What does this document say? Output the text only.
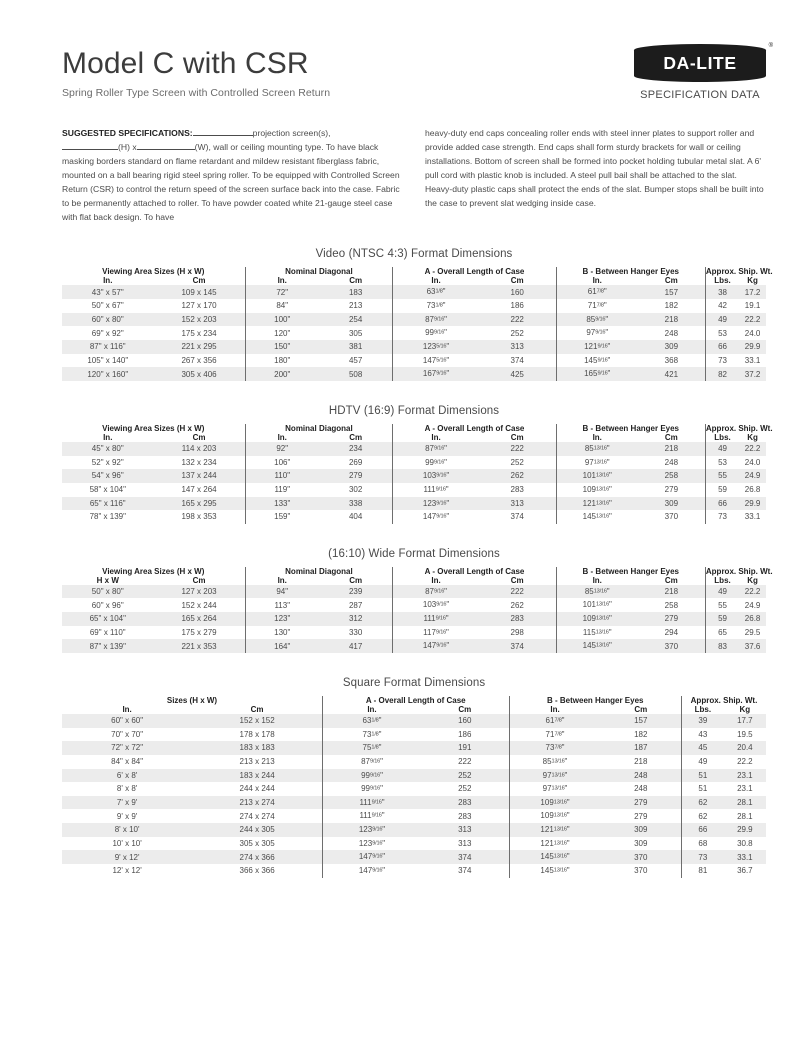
Model C with CSR
Spring Roller Type Screen with Controlled Screen Return
DA-LITE
®
SPECIFICATION DATA
SUGGESTED SPECIFICATIONS:	projection screen(s),
(H) x	(W), wall or ceiling mounting type. To have black masking borders standard on flame retardant and mildew resistant fiberglass fabric, mounted on a ball bearing rigid steel spring roller. To be equipped with Controlled Screen Return (CSR) to control the return speed of the screen surface back into the case. Fabric to be permanently attached to roller. To have powder coated white 21-gauge steel case with flat back design. To have
heavy-duty end caps concealing roller ends with steel inner plates to support roller and provide added case strength. End caps shall form sturdy brackets for wall or ceiling installations. Bottom of screen shall be formed into pocket holding tubular metal slat. A 6' pull cord with plastic knob is included. A steel pull bail shall be attached to the slat. Heavy-duty plastic caps shall protect the ends of the slat. Bumper stops shall be built into the case to prevent slat wedging inside case.
Video (NTSC 4:3) Format Dimensions
Viewing Area Sizes (H x W)		Nominal Diagonal		A - Overall Length of Case		B - Between Hanger Eyes		Approx. Ship. Wt.	
In.	Cm	In.	Cm	In.	Cm	In.	Cm	Lbs.	Kg
43" x 57"	109 x 145	72"	183	631/8"	160	617/8"	157	38	17.2
50" x 67"	127 x 170	84"	213	731/8"	186	717/8"	182	42	19.1
60" x 80"	152 x 203	100"	254	879/16"	222	859/16"	218	49	22.2
69" x 92"	175 x 234	120"	305	999/16"	252	979/16"	248	53	24.0
87" x 116"	221 x 295	150"	381	1235/16"	313	1219/16"	309	66	29.9
105" x 140"	267 x 356	180"	457	1475/16"	374	1459/16"	368	73	33.1
120" x 160"	305 x 406	200"	508	1679/16"	425	1659/16"	421	82	37.2
HDTV (16:9) Format Dimensions
Viewing Area Sizes (H x W)		Nominal Diagonal		A - Overall Length of Case		B - Between Hanger Eyes		Approx. Ship. Wt.	
In.	Cm	In.	Cm	In.	Cm	In.	Cm	Lbs.	Kg
45" x 80"	114 x 203	92"	234	879/16"	222	8513/16"	218	49	22.2
52" x 92"	132 x 234	106"	269	999/16"	252	9713/16"	248	53	24.0
54" x 96"	137 x 244	110"	279	1039/16"	262	10113/16"	258	55	24.9
58" x 104"	147 x 264	119"	302	1119/16"	283	10913/16"	279	59	26.8
65" x 116"	165 x 295	133"	338	1239/16"	313	12113/16"	309	66	29.9
78" x 139"	198 x 353	159"	404	1479/16"	374	14513/16"	370	73	33.1
(16:10) Wide Format Dimensions
Viewing Area Sizes (H x W)		Nominal Diagonal		A - Overall Length of Case		B - Between Hanger Eyes		Approx. Ship. Wt.	
H x W	Cm	In.	Cm	In.	Cm	In.	Cm	Lbs.	Kg
50" x 80"	127 x 203	94"	239	879/16"	222	8513/16"	218	49	22.2
60" x 96"	152 x 244	113"	287	1039/16"	262	10113/16"	258	55	24.9
65" x 104"	165 x 264	123"	312	1119/16"	283	10913/16"	279	59	26.8
69" x 110"	175 x 279	130"	330	1179/16"	298	11513/16"	294	65	29.5
87" x 139"	221 x 353	164"	417	1479/16"	374	14513/16"	370	83	37.6
Square Format Dimensions
Sizes (H x W)		A - Overall Length of Case		B - Between Hanger Eyes		Approx. Ship. Wt.	
In.	Cm	In.	Cm	In.	Cm	Lbs.	Kg
60" x 60"	152 x 152	631/8"	160	617/8"	157	39	17.7
70" x 70"	178 x 178	731/8"	186	717/8"	182	43	19.5
72" x 72"	183 x 183	751/8"	191	737/8"	187	45	20.4
84" x 84"	213 x 213	879/16"	222	8513/16"	218	49	22.2
6' x 8'	183 x 244	999/16"	252	9713/16"	248	51	23.1
8' x 8'	244 x 244	999/16"	252	9713/16"	248	51	23.1
7' x 9'	213 x 274	1119/16"	283	10913/16"	279	62	28.1
9' x 9'	274 x 274	1119/16"	283	10913/16"	279	62	28.1
8' x 10'	244 x 305	1239/16"	313	12113/16"	309	66	29.9
10' x 10'	305 x 305	1239/16"	313	12113/16"	309	68	30.8
9' x 12'	274 x 366	1479/16"	374	14513/16"	370	73	33.1
12' x 12'	366 x 366	1479/16"	374	14513/16"	370	81	36.7
